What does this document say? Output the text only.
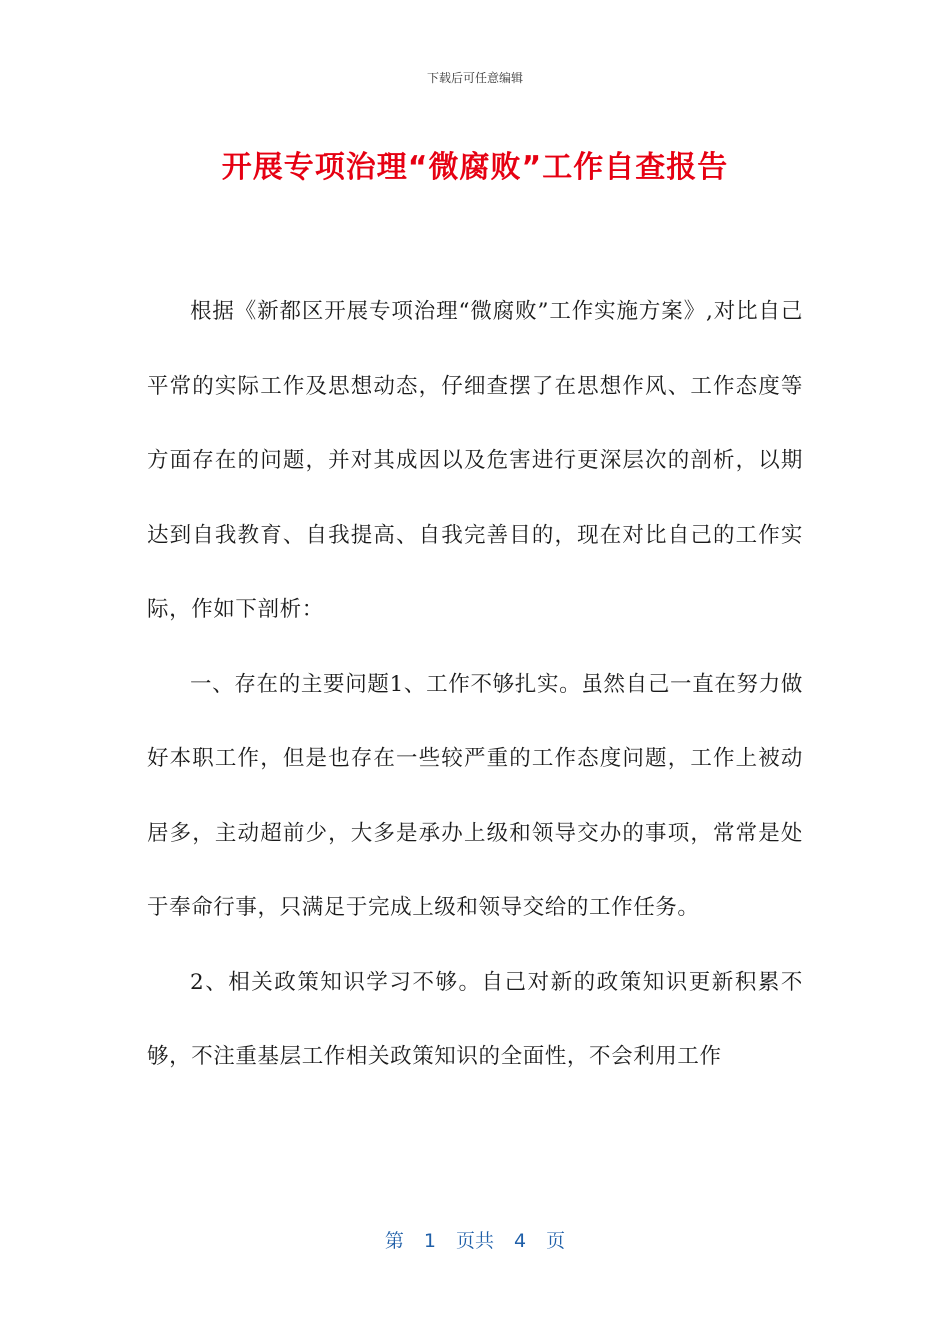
下载后可任意编辑
开展专项治理“微腐败”工作自查报告

根据《新都区开展专项治理“微腐败”工作实施方案》,对比自己平常的实际工作及思想动态，仔细查摆了在思想作风、工作态度等方面存在的问题，并对其成因以及危害进行更深层次的剖析，以期达到自我教育、自我提高、自我完善目的，现在对比自己的工作实际，作如下剖析：

一、存在的主要问题1、工作不够扎实。虽然自己一直在努力做好本职工作，但是也存在一些较严重的工作态度问题，工作上被动居多，主动超前少，大多是承办上级和领导交办的事项，常常是处于奉命行事，只满足于完成上级和领导交给的工作任务。

2、相关政策知识学习不够。自己对新的政策知识更新积累不够，不注重基层工作相关政策知识的全面性，不会利用工作

第 1 页共 4 页
